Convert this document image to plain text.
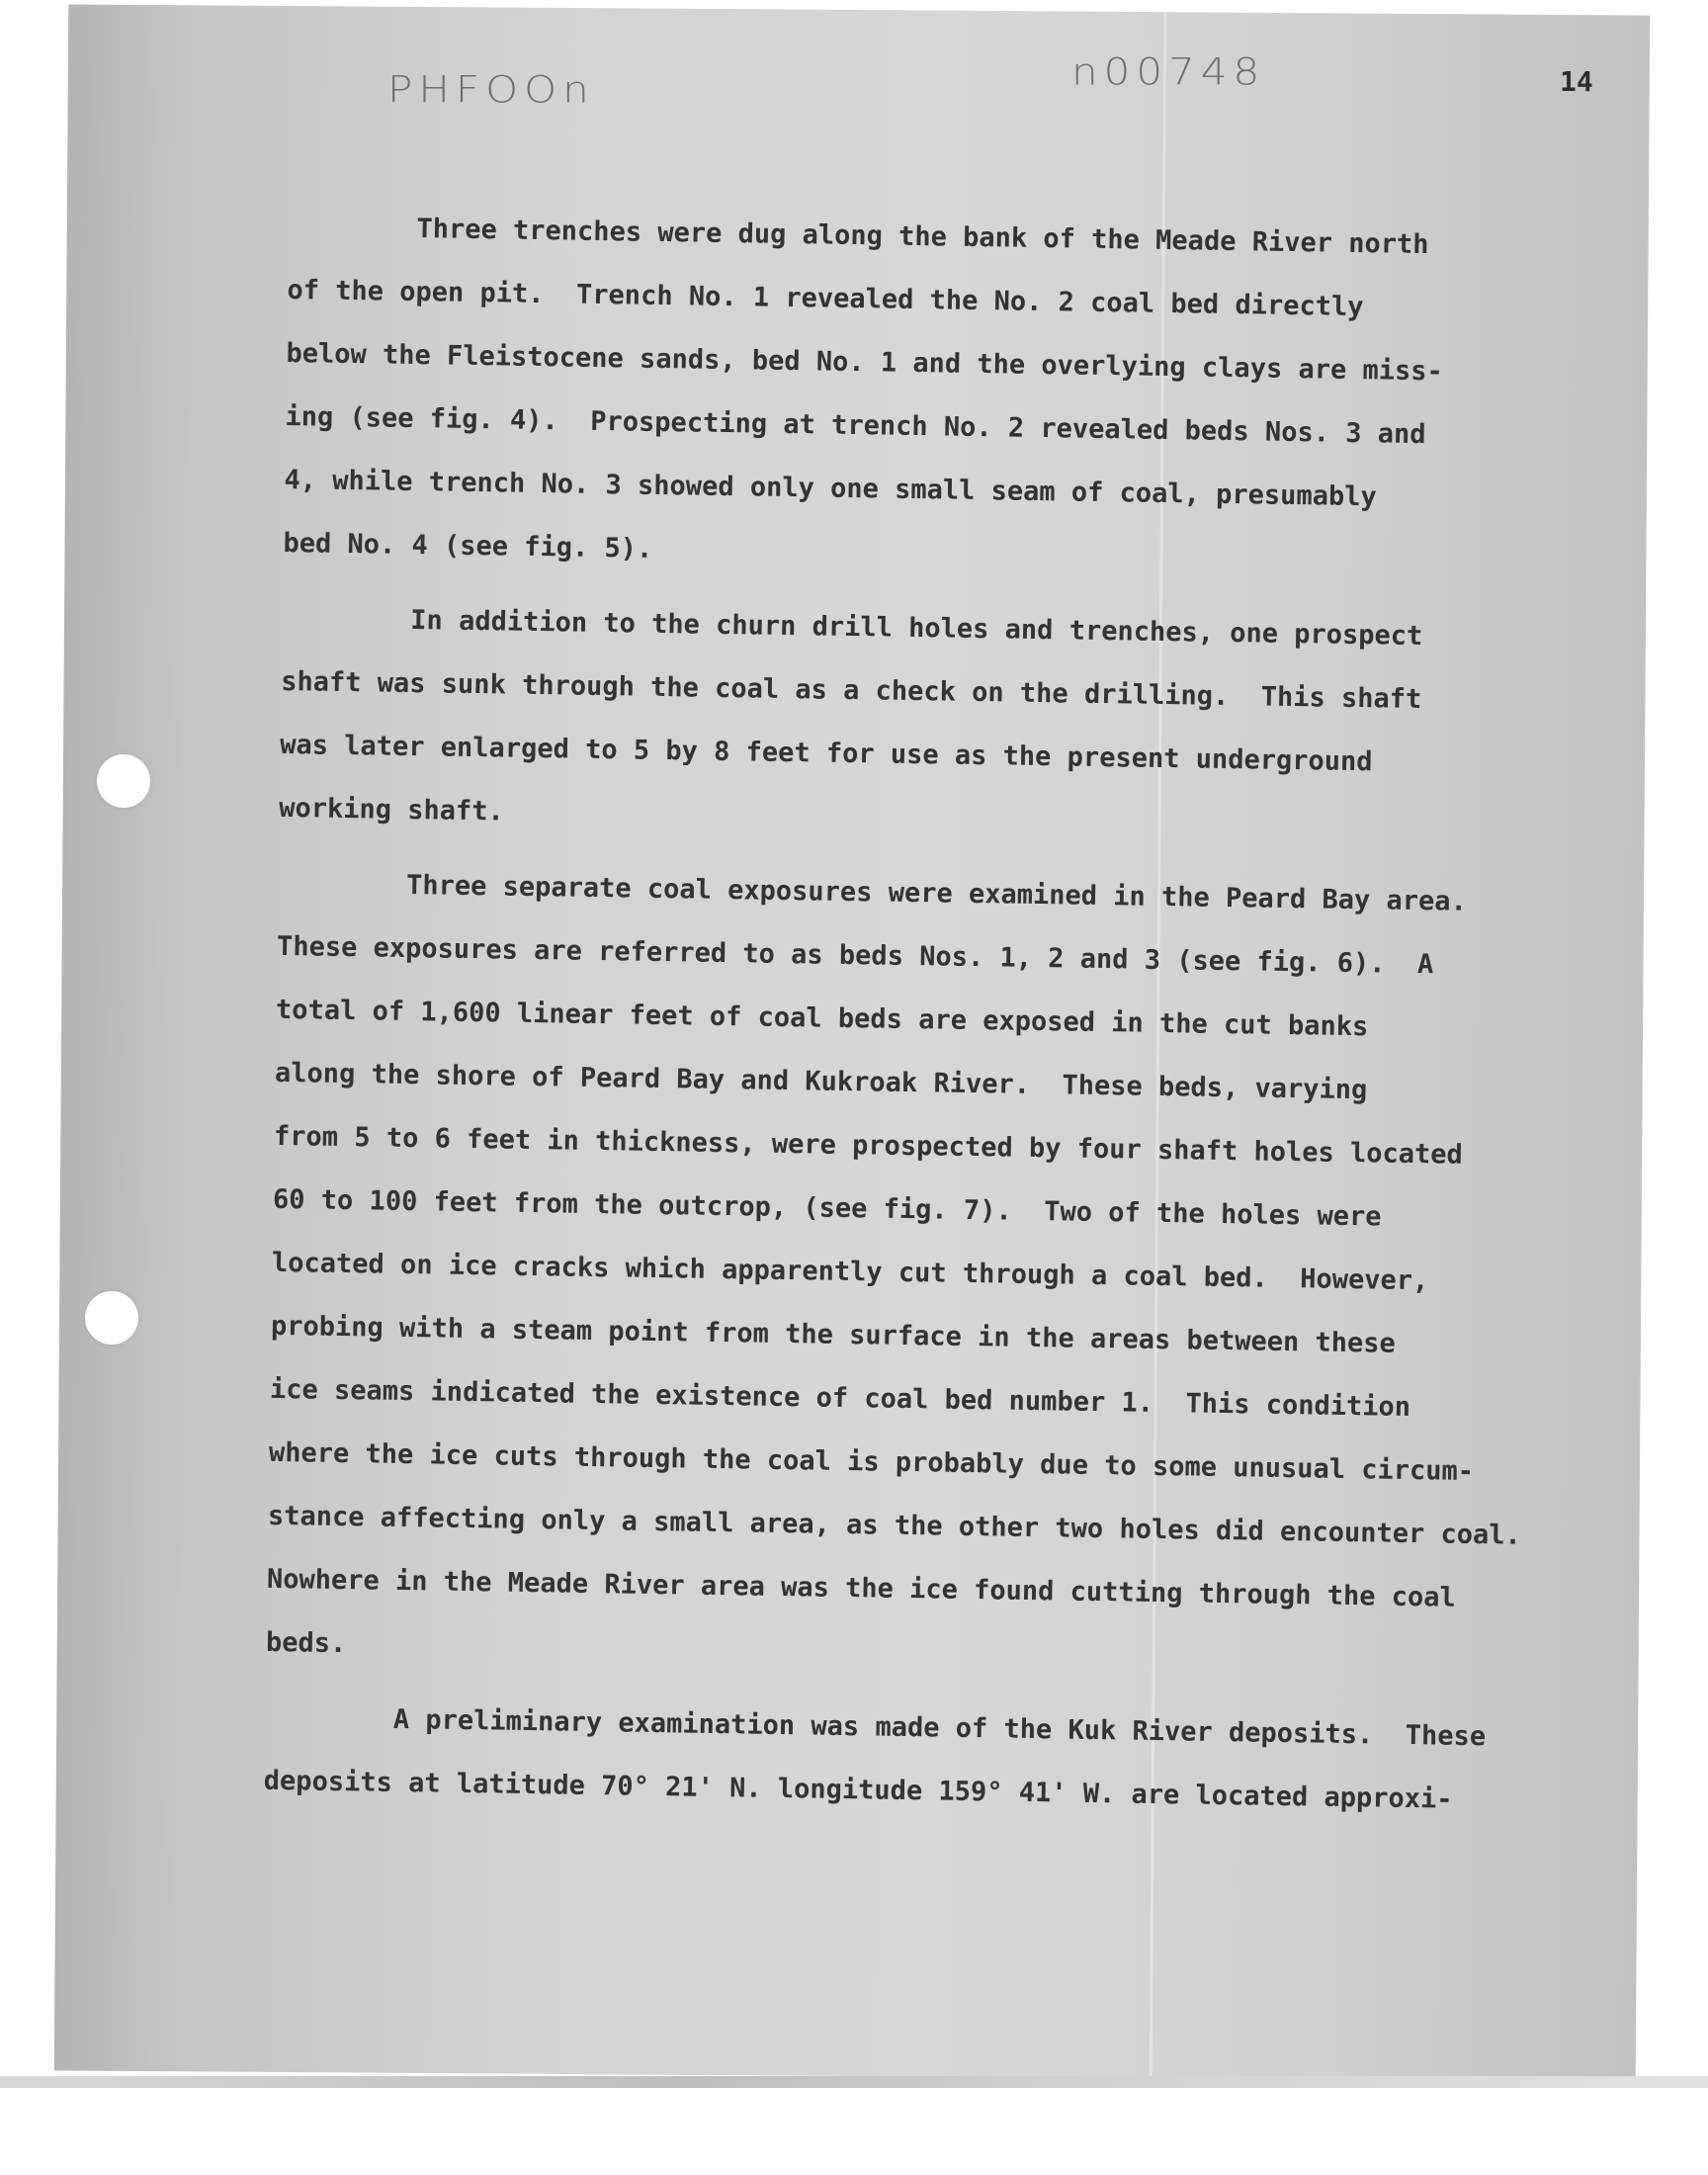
PHFOOn	n00748	14
Three trenches were dug along the bank of the Meade River north
of the open pit.  Trench No. 1 revealed the No. 2 coal bed directly
below the Fleistocene sands, bed No. 1 and the overlying clays are miss-
ing (see fig. 4).  Prospecting at trench No. 2 revealed beds Nos. 3 and
4, while trench No. 3 showed only one small seam of coal, presumably
bed No. 4 (see fig. 5).
In addition to the churn drill holes and trenches, one prospect
shaft was sunk through the coal as a check on the drilling.  This shaft
was later enlarged to 5 by 8 feet for use as the present underground
working shaft.
Three separate coal exposures were examined in the Peard Bay area.
These exposures are referred to as beds Nos. 1, 2 and 3 (see fig. 6).  A
total of 1,600 linear feet of coal beds are exposed in the cut banks
along the shore of Peard Bay and Kukroak River.  These beds, varying
from 5 to 6 feet in thickness, were prospected by four shaft holes located
60 to 100 feet from the outcrop, (see fig. 7).  Two of the holes were
located on ice cracks which apparently cut through a coal bed.  However,
probing with a steam point from the surface in the areas between these
ice seams indicated the existence of coal bed number 1.  This condition
where the ice cuts through the coal is probably due to some unusual circum-
stance affecting only a small area, as the other two holes did encounter coal.
Nowhere in the Meade River area was the ice found cutting through the coal
beds.
A preliminary examination was made of the Kuk River deposits.  These
deposits at latitude 70° 21' N. longitude 159° 41' W. are located approxi-
